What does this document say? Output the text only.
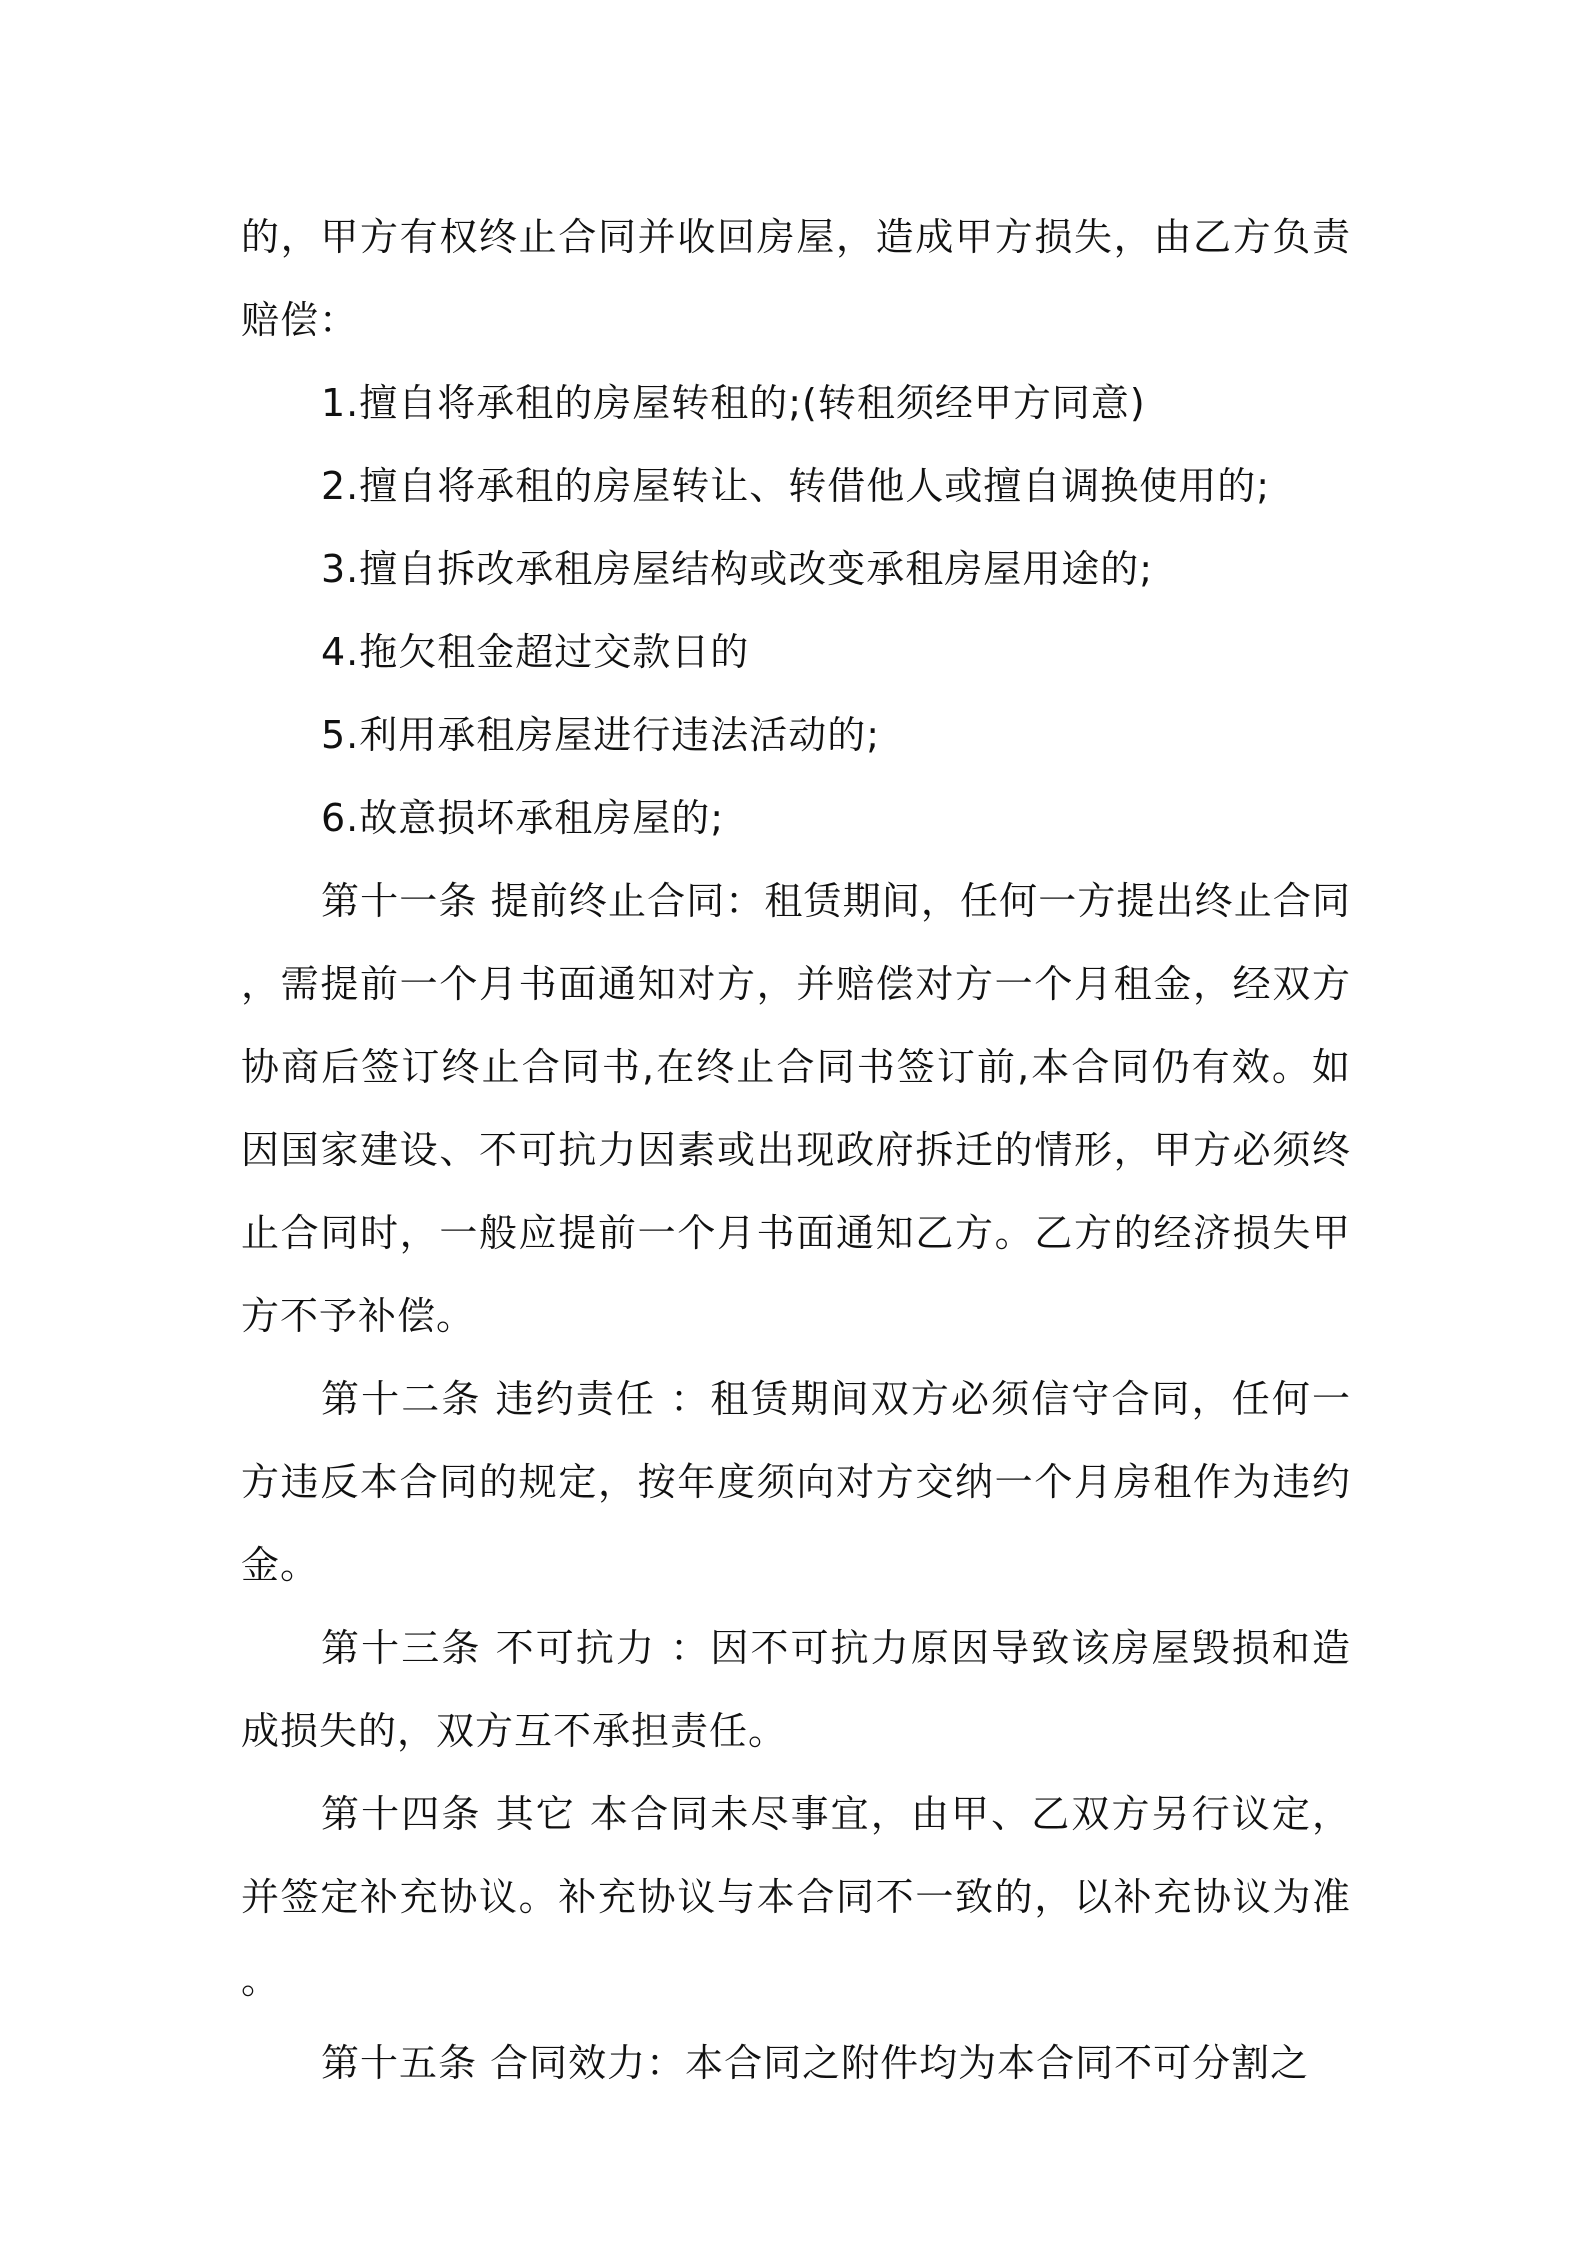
的，甲方有权终止合同并收回房屋，造成甲方损失，由乙方负责赔偿：

1.擅自将承租的房屋转租的;(转租须经甲方同意)

2.擅自将承租的房屋转让、转借他人或擅自调换使用的;

3.擅自拆改承租房屋结构或改变承租房屋用途的;

4.拖欠租金超过交款日的

5.利用承租房屋进行违法活动的;

6.故意损坏承租房屋的;

第十一条 提前终止合同：租赁期间，任何一方提出终止合同，需提前一个月书面通知对方，并赔偿对方一个月租金，经双方协商后签订终止合同书,在终止合同书签订前,本合同仍有效。如因国家建设、不可抗力因素或出现政府拆迁的情形，甲方必须终止合同时，一般应提前一个月书面通知乙方。乙方的经济损失甲方不予补偿。

第十二条 违约责任 ：租赁期间双方必须信守合同，任何一方违反本合同的规定，按年度须向对方交纳一个月房租作为违约金。

第十三条 不可抗力 ：因不可抗力原因导致该房屋毁损和造成损失的，双方互不承担责任。

第十四条 其它 本合同未尽事宜，由甲、乙双方另行议定，并签定补充协议。补充协议与本合同不一致的，以补充协议为准。

第十五条 合同效力：本合同之附件均为本合同不可分割之
